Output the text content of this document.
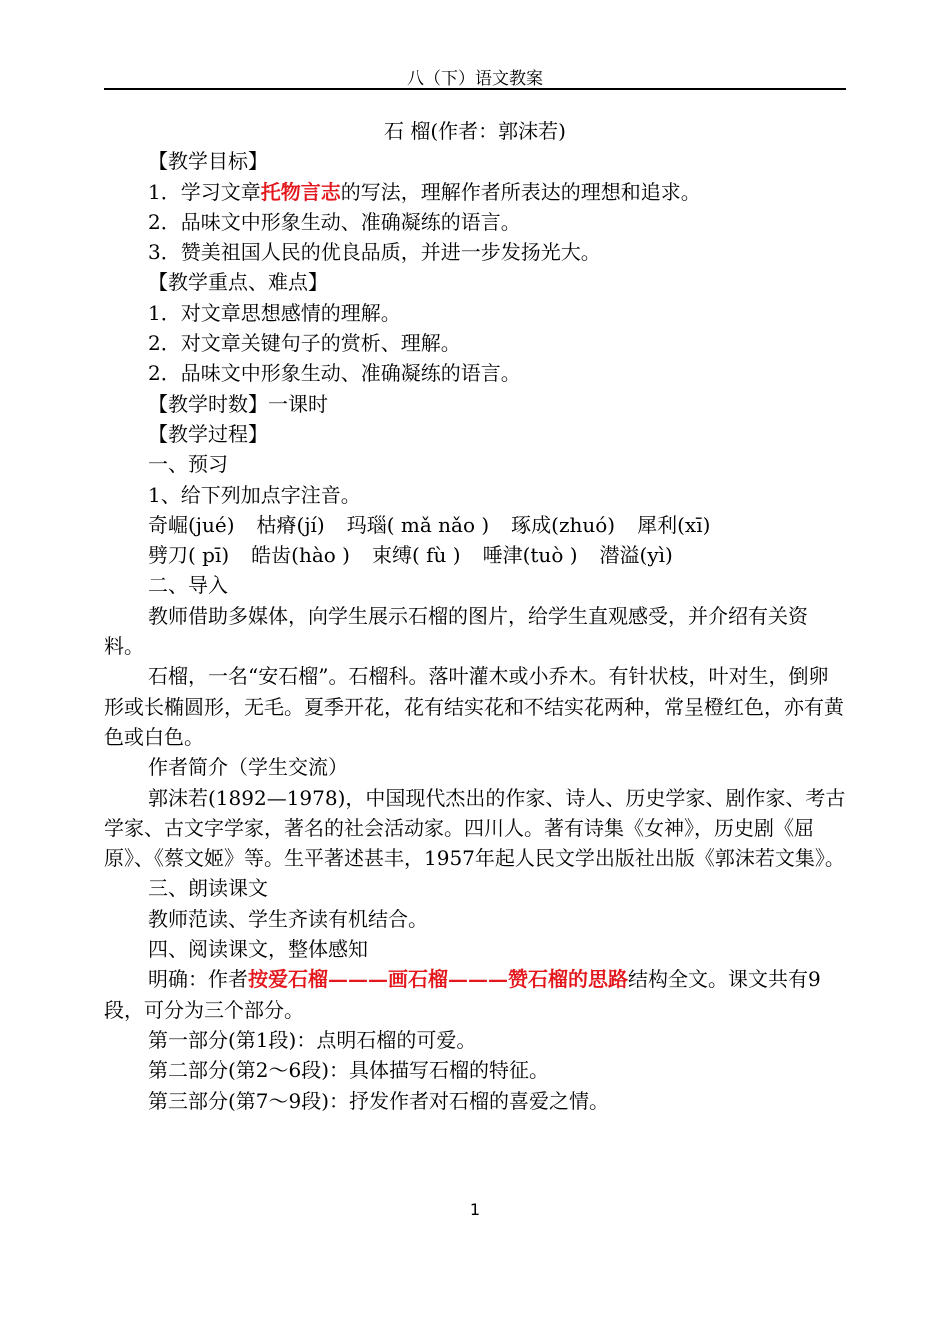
八（下）语文教案

石 榴(作者：郭沫若)

【教学目标】

1．学习文章托物言志的写法，理解作者所表达的理想和追求。

2．品味文中形象生动、准确凝练的语言。

3．赞美祖国人民的优良品质，并进一步发扬光大。

【教学重点、难点】

1．对文章思想感情的理解。

2．对文章关键句子的赏析、理解。

2．品味文中形象生动、准确凝练的语言。

【教学时数】一课时

【教学过程】

一、预习

1、给下列加点字注音。

奇崛(jué) 枯瘠(jí) 玛瑙( mǎ nǎo ) 琢成(zhuó) 犀利(xī)

劈刀( pī) 皓齿(hào ) 束缚( fù ) 唾津(tuò ) 潜溢(yì)

二、导入

教师借助多媒体，向学生展示石榴的图片，给学生直观感受，并介绍有关资料。

石榴，一名“安石榴”。石榴科。落叶灌木或小乔木。有针状枝，叶对生，倒卵形或长椭圆形，无毛。夏季开花，花有结实花和不结实花两种，常呈橙红色，亦有黄色或白色。

作者简介（学生交流）

郭沫若(1892—1978)，中国现代杰出的作家、诗人、历史学家、剧作家、考古学家、古文字学家，著名的社会活动家。四川人。著有诗集《女神》，历史剧《屈原》、《蔡文姬》等。生平著述甚丰，1957年起人民文学出版社出版《郭沫若文集》。

三、朗读课文

教师范读、学生齐读有机结合。

四、阅读课文，整体感知

明确：作者按爱石榴———画石榴———赞石榴的思路结构全文。课文共有9段，可分为三个部分。

第一部分(第1段)：点明石榴的可爱。

第二部分(第2～6段)：具体描写石榴的特征。

第三部分(第7～9段)：抒发作者对石榴的喜爱之情。

1
